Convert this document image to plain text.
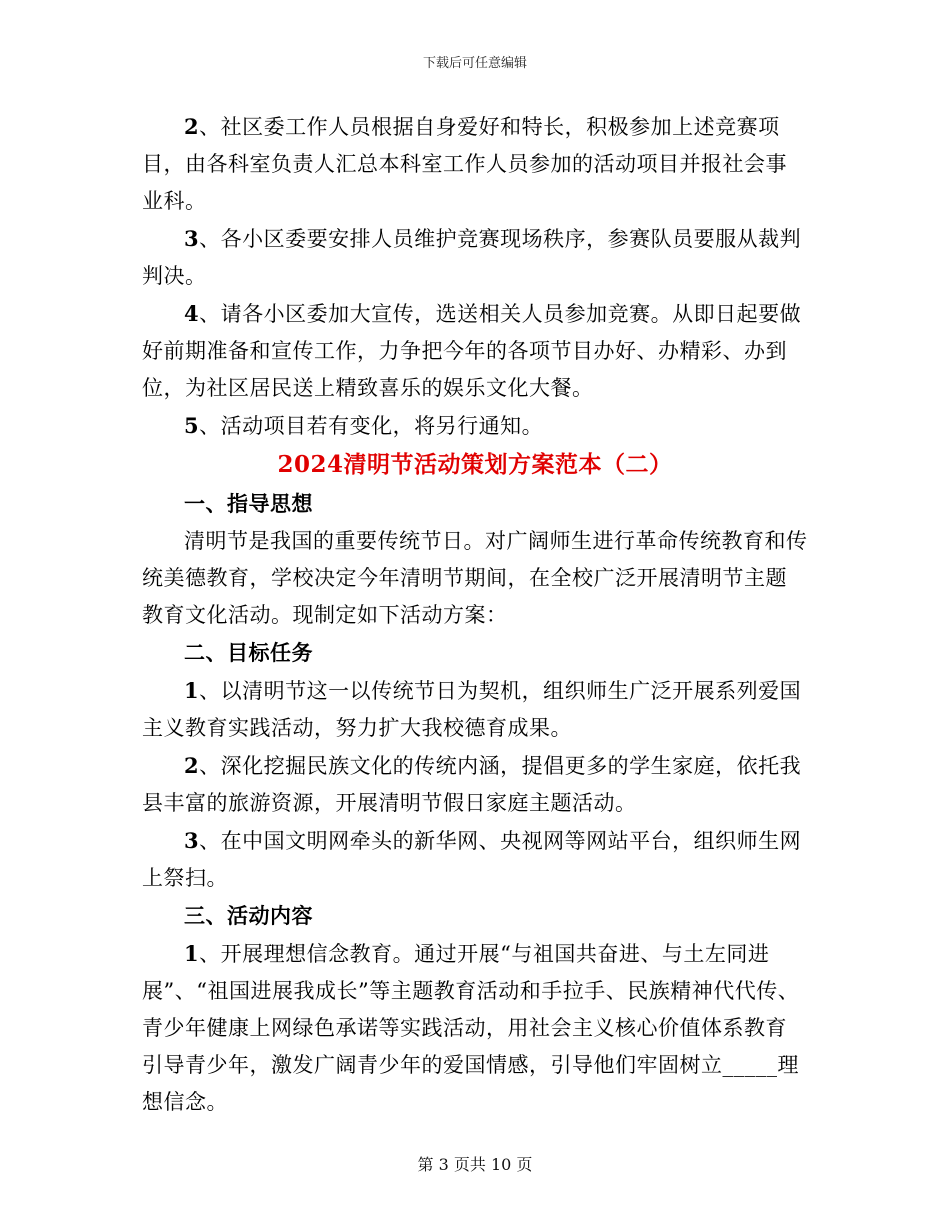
下载后可任意编辑

2、社区委工作人员根据自身爱好和特长，积极参加上述竞赛项目，由各科室负责人汇总本科室工作人员参加的活动项目并报社会事业科。

3、各小区委要安排人员维护竞赛现场秩序，参赛队员要服从裁判判决。

4、请各小区委加大宣传，选送相关人员参加竞赛。从即日起要做好前期准备和宣传工作，力争把今年的各项节目办好、办精彩、办到位，为社区居民送上精致喜乐的娱乐文化大餐。

5、活动项目若有变化，将另行通知。

2024清明节活动策划方案范本（二）
一、指导思想

清明节是我国的重要传统节日。对广阔师生进行革命传统教育和传统美德教育，学校决定今年清明节期间，在全校广泛开展清明节主题教育文化活动。现制定如下活动方案：

二、目标任务

1、以清明节这一以传统节日为契机，组织师生广泛开展系列爱国主义教育实践活动，努力扩大我校德育成果。

2、深化挖掘民族文化的传统内涵，提倡更多的学生家庭，依托我县丰富的旅游资源，开展清明节假日家庭主题活动。

3、在中国文明网牵头的新华网、央视网等网站平台，组织师生网上祭扫。

三、活动内容

1、开展理想信念教育。通过开展“与祖国共奋进、与土左同进展”、“祖国进展我成长”等主题教育活动和手拉手、民族精神代代传、青少年健康上网绿色承诺等实践活动，用社会主义核心价值体系教育引导青少年，激发广阔青少年的爱国情感，引导他们牢固树立_____理想信念。

第 3 页共 10 页
